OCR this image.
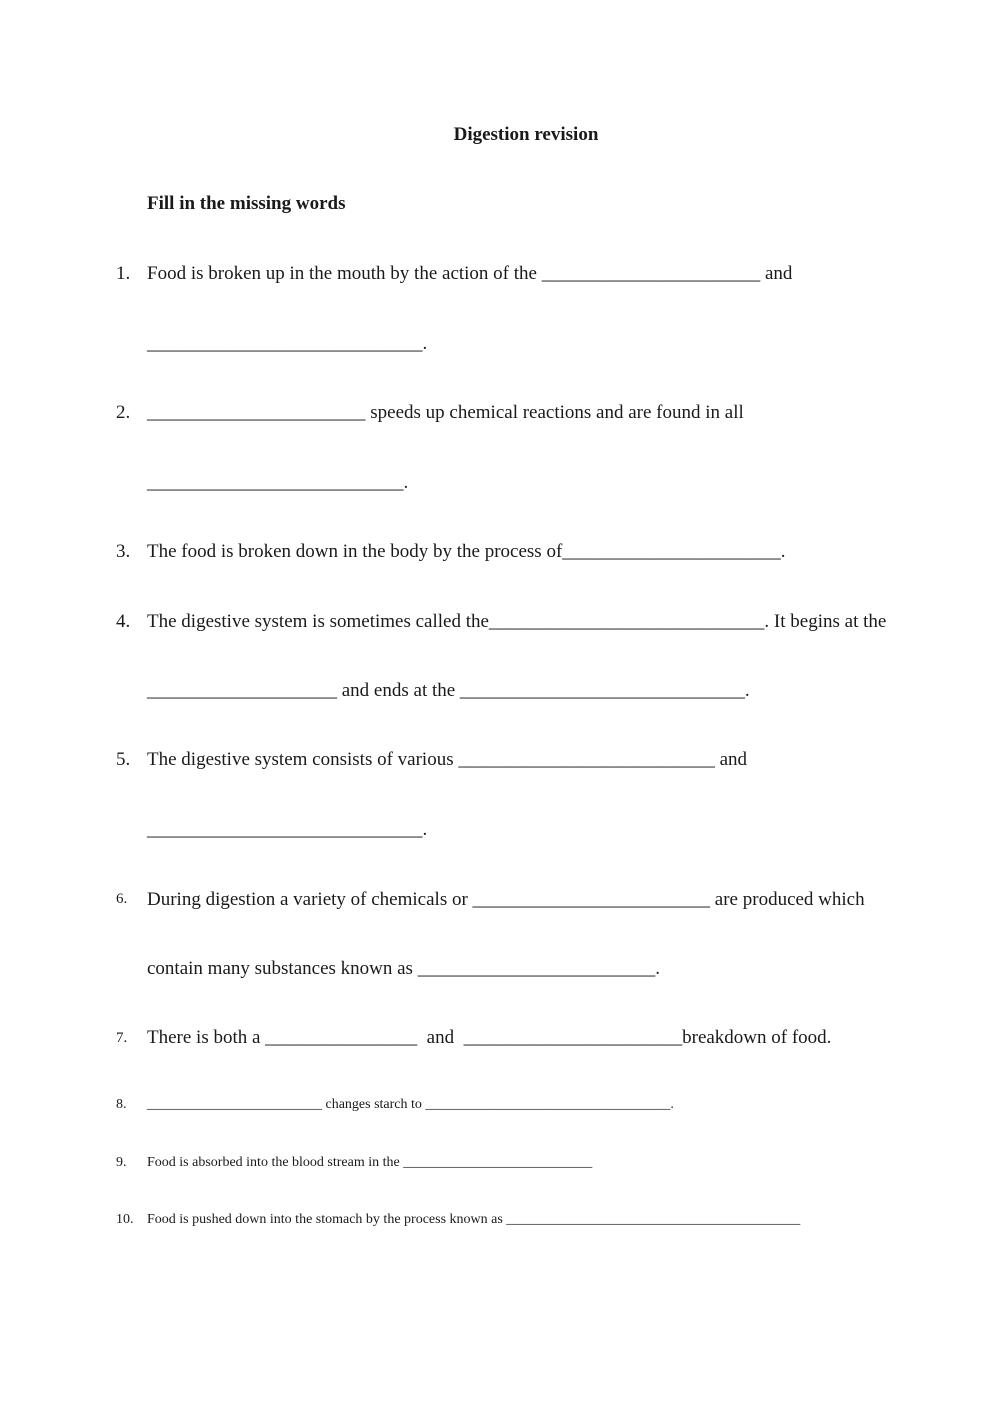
Digestion revision
Fill in the missing words
1. Food is broken up in the mouth by the action of the _______________________ and
_____________________________.
2. _______________________ speeds up chemical reactions and are found in all
___________________________.
3. The food is broken down in the body by the process of_______________________.
4. The digestive system is sometimes called the_____________________________. It begins at the
____________________ and ends at the ______________________________.
5. The digestive system consists of various ___________________________ and
_____________________________.
6. During digestion a variety of chemicals or _________________________ are produced which
contain many substances known as _________________________.
7. There is both a ________________  and  _______________________breakdown of food.
8. _________________________ changes starch to ___________________________________.
9. Food is absorbed into the blood stream in the ___________________________
10. Food is pushed down into the stomach by the process known as __________________________________________
